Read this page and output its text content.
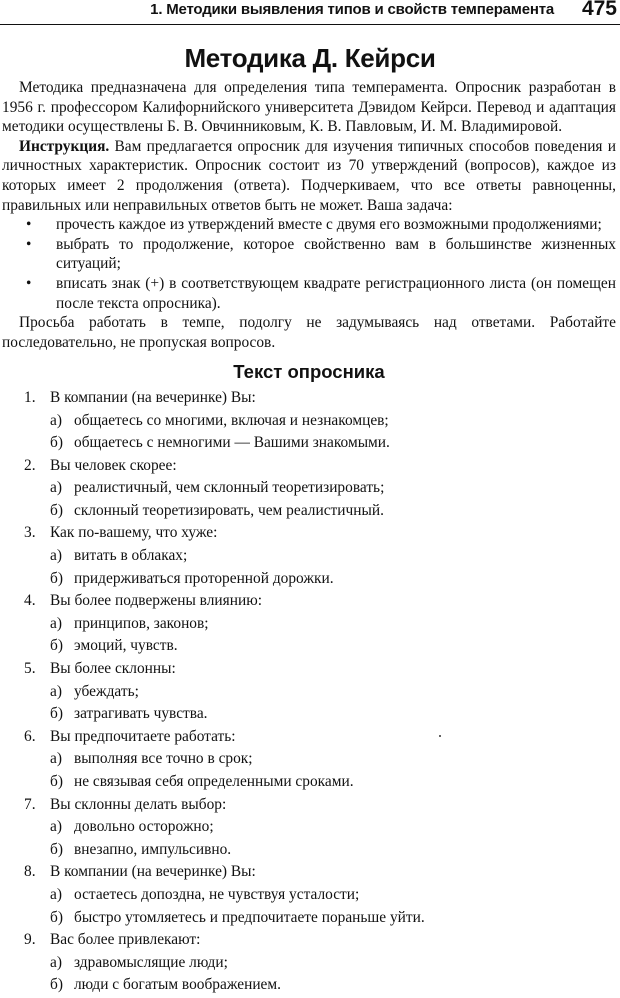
1. Методики выявления типов и свойств темперамента 475
Методика Д. Кейрси

Методика предназначена для определения типа темперамента. Опросник разработан в 1956 г. профессором Калифорнийского университета Дэвидом Кейрси. Перевод и адаптация методики осуществлены Б. В. Овчинниковым, К. В. Павловым, И. М. Владимировой.

Инструкция. Вам предлагается опросник для изучения типичных способов поведения и личностных характеристик. Опросник состоит из 70 утверждений (вопросов), каждое из которых имеет 2 продолжения (ответа). Подчеркиваем, что все ответы равноценны, правильных или неправильных ответов быть не может. Ваша задача:

• прочесть каждое из утверждений вместе с двумя его возможными продолжениями;
• выбрать то продолжение, которое свойственно вам в большинстве жизненных ситуаций;
• вписать знак (+) в соответствующем квадрате регистрационного листа (он помещен после текста опросника).

Просьба работать в темпе, подолгу не задумываясь над ответами. Работайте последовательно, не пропуская вопросов.

Текст опросника
1. В компании (на вечеринке) Вы:
а) общаетесь со многими, включая и незнакомцев;
б) общаетесь с немногими — Вашими знакомыми.
2. Вы человек скорее:
а) реалистичный, чем склонный теоретизировать;
б) склонный теоретизировать, чем реалистичный.
3. Как по-вашему, что хуже:
а) витать в облаках;
б) придерживаться проторенной дорожки.
4. Вы более подвержены влиянию:
а) принципов, законов;
б) эмоций, чувств.
5. Вы более склонны:
а) убеждать;
б) затрагивать чувства.
6. Вы предпочитаете работать:
а) выполняя все точно в срок;
б) не связывая себя определенными сроками.
7. Вы склонны делать выбор:
а) довольно осторожно;
б) внезапно, импульсивно.
8. В компании (на вечеринке) Вы:
а) остаетесь допоздна, не чувствуя усталости;
б) быстро утомляетесь и предпочитаете пораньше уйти.
9. Вас более привлекают:
а) здравомыслящие люди;
б) люди с богатым воображением.
